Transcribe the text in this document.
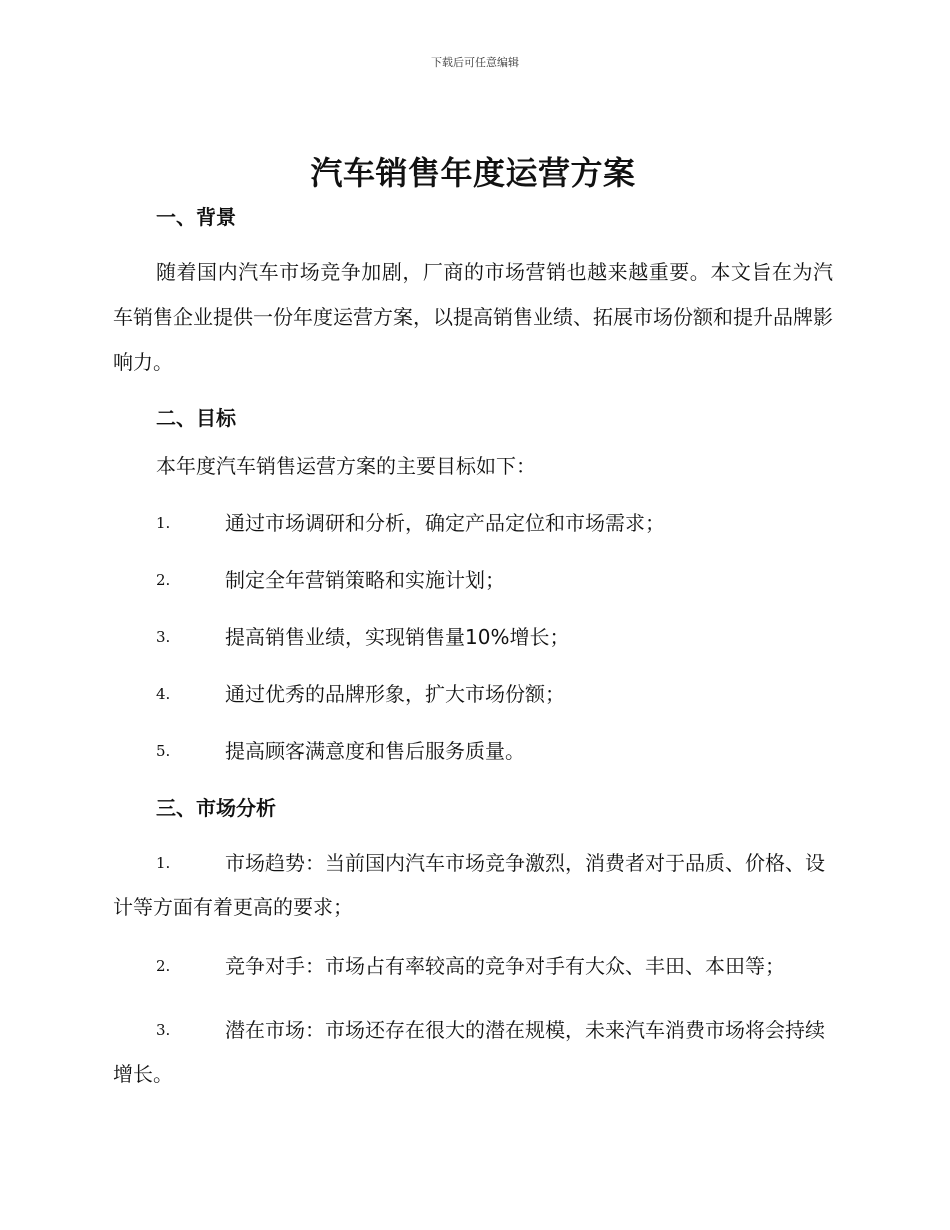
下载后可任意编辑
汽车销售年度运营方案
一、背景

随着国内汽车市场竞争加剧，厂商的市场营销也越来越重要。本文旨在为汽车销售企业提供一份年度运营方案，以提高销售业绩、拓展市场份额和提升品牌影响力。

二、目标
本年度汽车销售运营方案的主要目标如下：
1.	通过市场调研和分析，确定产品定位和市场需求；
2.	制定全年营销策略和实施计划；
3.	提高销售业绩，实现销售量10%增长；
4.	通过优秀的品牌形象，扩大市场份额；
5.	提高顾客满意度和售后服务质量。
三、市场分析
1.	市场趋势：当前国内汽车市场竞争激烈，消费者对于品质、价格、设计等方面有着更高的要求；
2.	竞争对手：市场占有率较高的竞争对手有大众、丰田、本田等；
3.	潜在市场：市场还存在很大的潜在规模，未来汽车消费市场将会持续增长。
